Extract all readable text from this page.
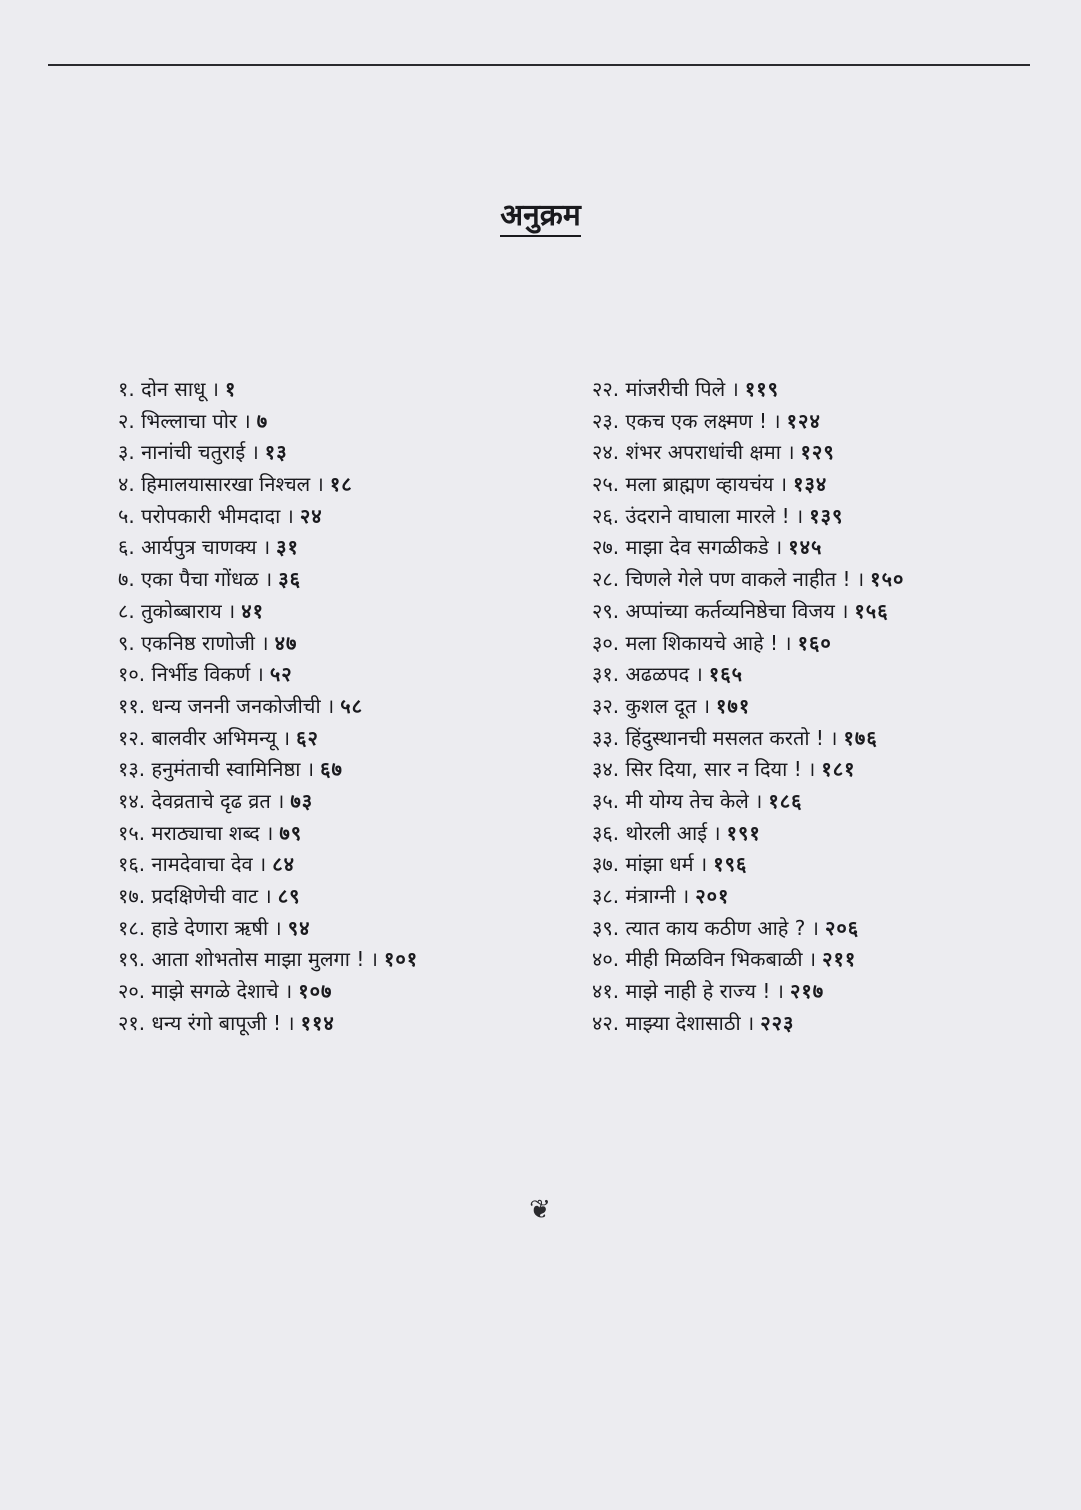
अनुक्रम
१. दोन साधू । १
२. भिल्लाचा पोर । ७
३. नानांची चतुराई । १३
४. हिमालयासारखा निश्चल । १८
५. परोपकारी भीमदादा । २४
६. आर्यपुत्र चाणक्य । ३१
७. एका पैचा गोंधळ । ३६
८. तुकोब्बाराय । ४१
९. एकनिष्ठ राणोजी । ४७
१०. निर्भीड विकर्ण । ५२
११. धन्य जननी जनकोजीची । ५८
१२. बालवीर अभिमन्यू । ६२
१३. हनुमंताची स्वामिनिष्ठा । ६७
१४. देवव्रताचे दृढ व्रत । ७३
१५. मराठ्याचा शब्द । ७९
१६. नामदेवाचा देव । ८४
१७. प्रदक्षिणेची वाट । ८९
१८. हाडे देणारा ऋषी । ९४
१९. आता शोभतोस माझा मुलगा ! । १०१
२०. माझे सगळे देशाचे । १०७
२१. धन्य रंगो बापूजी ! । ११४
२२. मांजरीची पिले । ११९
२३. एकच एक लक्ष्मण ! । १२४
२४. शंभर अपराधांची क्षमा । १२९
२५. मला ब्राह्मण व्हायचंय । १३४
२६. उंदराने वाघाला मारले ! । १३९
२७. माझा देव सगळीकडे । १४५
२८. चिणले गेले पण वाकले नाहीत ! । १५०
२९. अप्पांच्या कर्तव्यनिष्ठेचा विजय । १५६
३०. मला शिकायचे आहे ! । १६०
३१. अढळपद । १६५
३२. कुशल दूत । १७१
३३. हिंदुस्थानची मसलत करतो ! । १७६
३४. सिर दिया, सार न दिया ! । १८१
३५. मी योग्य तेच केले । १८६
३६. थोरली आई । १९१
३७. मांझा धर्म । १९६
३८. मंत्राग्नी । २०१
३९. त्यात काय कठीण आहे ? । २०६
४०. मीही मिळविन भिकबाळी । २११
४१. माझे नाही हे राज्य ! । २१७
४२. माझ्या देशासाठी । २२३
❦
